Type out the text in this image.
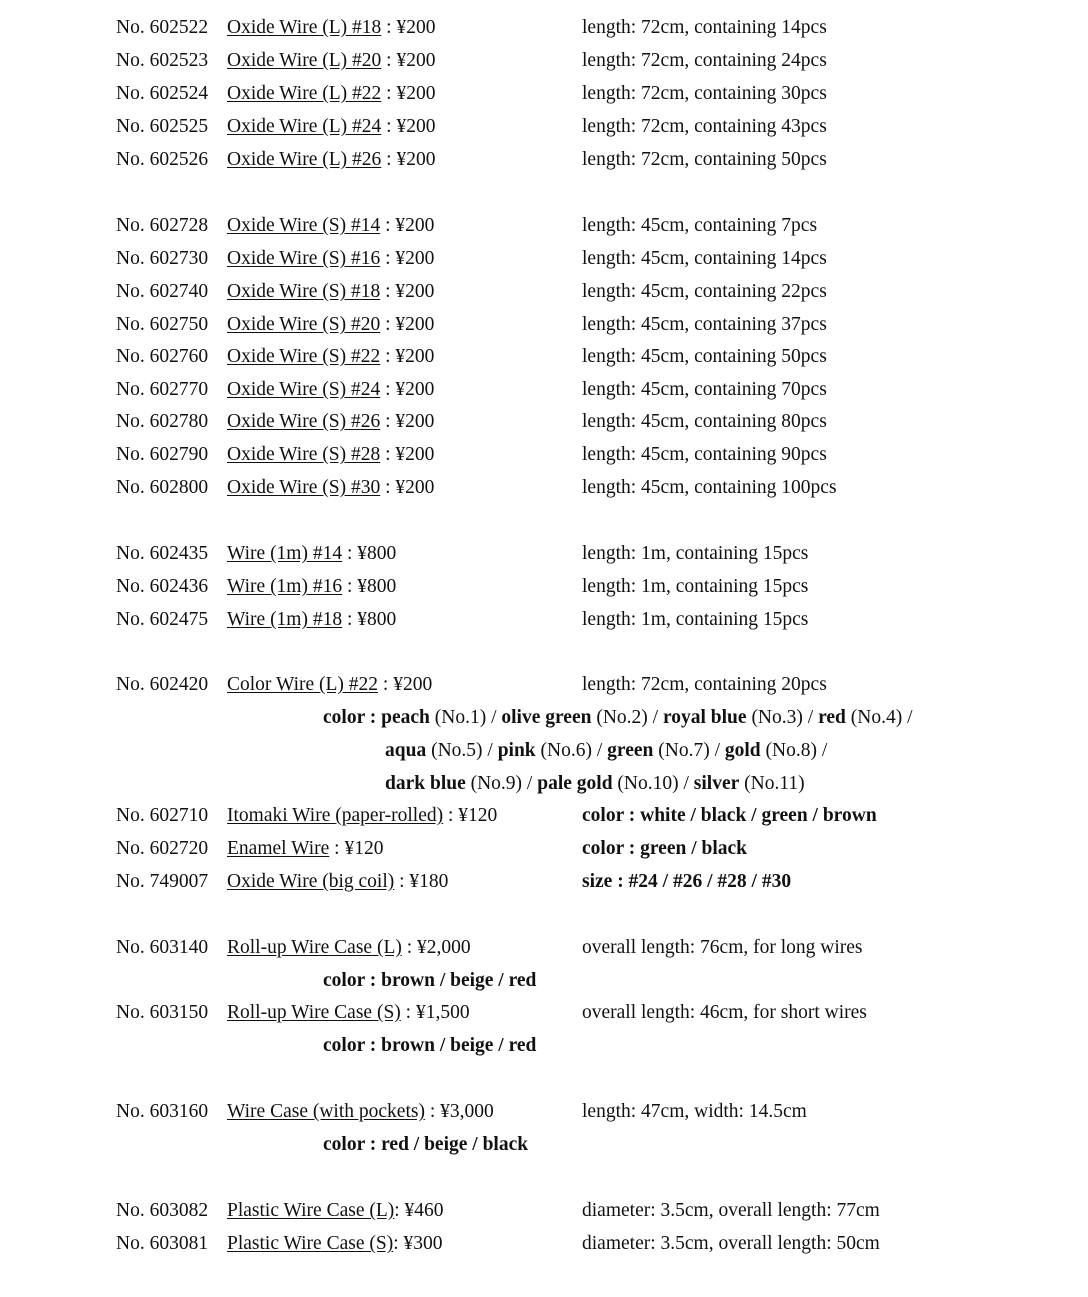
No. 602522 Oxide Wire (L) #18 : ¥200	length: 72cm, containing 14pcs
No. 602523 Oxide Wire (L) #20 : ¥200	length: 72cm, containing 24pcs
No. 602524 Oxide Wire (L) #22 : ¥200	length: 72cm, containing 30pcs
No. 602525 Oxide Wire (L) #24 : ¥200	length: 72cm, containing 43pcs
No. 602526 Oxide Wire (L) #26 : ¥200	length: 72cm, containing 50pcs
No. 602728 Oxide Wire (S) #14 : ¥200	length: 45cm, containing 7pcs
No. 602730 Oxide Wire (S) #16 : ¥200	length: 45cm, containing 14pcs
No. 602740 Oxide Wire (S) #18 : ¥200	length: 45cm, containing 22pcs
No. 602750 Oxide Wire (S) #20 : ¥200	length: 45cm, containing 37pcs
No. 602760 Oxide Wire (S) #22 : ¥200	length: 45cm, containing 50pcs
No. 602770 Oxide Wire (S) #24 : ¥200	length: 45cm, containing 70pcs
No. 602780 Oxide Wire (S) #26 : ¥200	length: 45cm, containing 80pcs
No. 602790 Oxide Wire (S) #28 : ¥200	length: 45cm, containing 90pcs
No. 602800 Oxide Wire (S) #30 : ¥200	length: 45cm, containing 100pcs
No. 602435 Wire (1m) #14 : ¥800	length: 1m, containing 15pcs
No. 602436 Wire (1m) #16 : ¥800	length: 1m, containing 15pcs
No. 602475 Wire (1m) #18 : ¥800	length: 1m, containing 15pcs
No. 602420 Color Wire (L) #22 : ¥200	length: 72cm, containing 20pcs
color : peach (No.1) / olive green (No.2) / royal blue (No.3) / red (No.4) /
aqua (No.5) / pink (No.6) / green (No.7) / gold (No.8) /
dark blue (No.9) / pale gold (No.10) / silver (No.11)
No. 602710 Itomaki Wire (paper-rolled) : ¥120	color : white / black / green / brown
No. 602720 Enamel Wire : ¥120	color : green / black
No. 749007 Oxide Wire (big coil) : ¥180	size : #24 / #26 / #28 / #30
No. 603140 Roll-up Wire Case (L) : ¥2,000	overall length: 76cm, for long wires
color : brown / beige / red
No. 603150 Roll-up Wire Case (S) : ¥1,500	overall length: 46cm, for short wires
color : brown / beige / red
No. 603160 Wire Case (with pockets) : ¥3,000	length: 47cm, width: 14.5cm
color : red / beige / black
No. 603082 Plastic Wire Case (L): ¥460	diameter: 3.5cm, overall length: 77cm
No. 603081 Plastic Wire Case (S): ¥300	diameter: 3.5cm, overall length: 50cm
